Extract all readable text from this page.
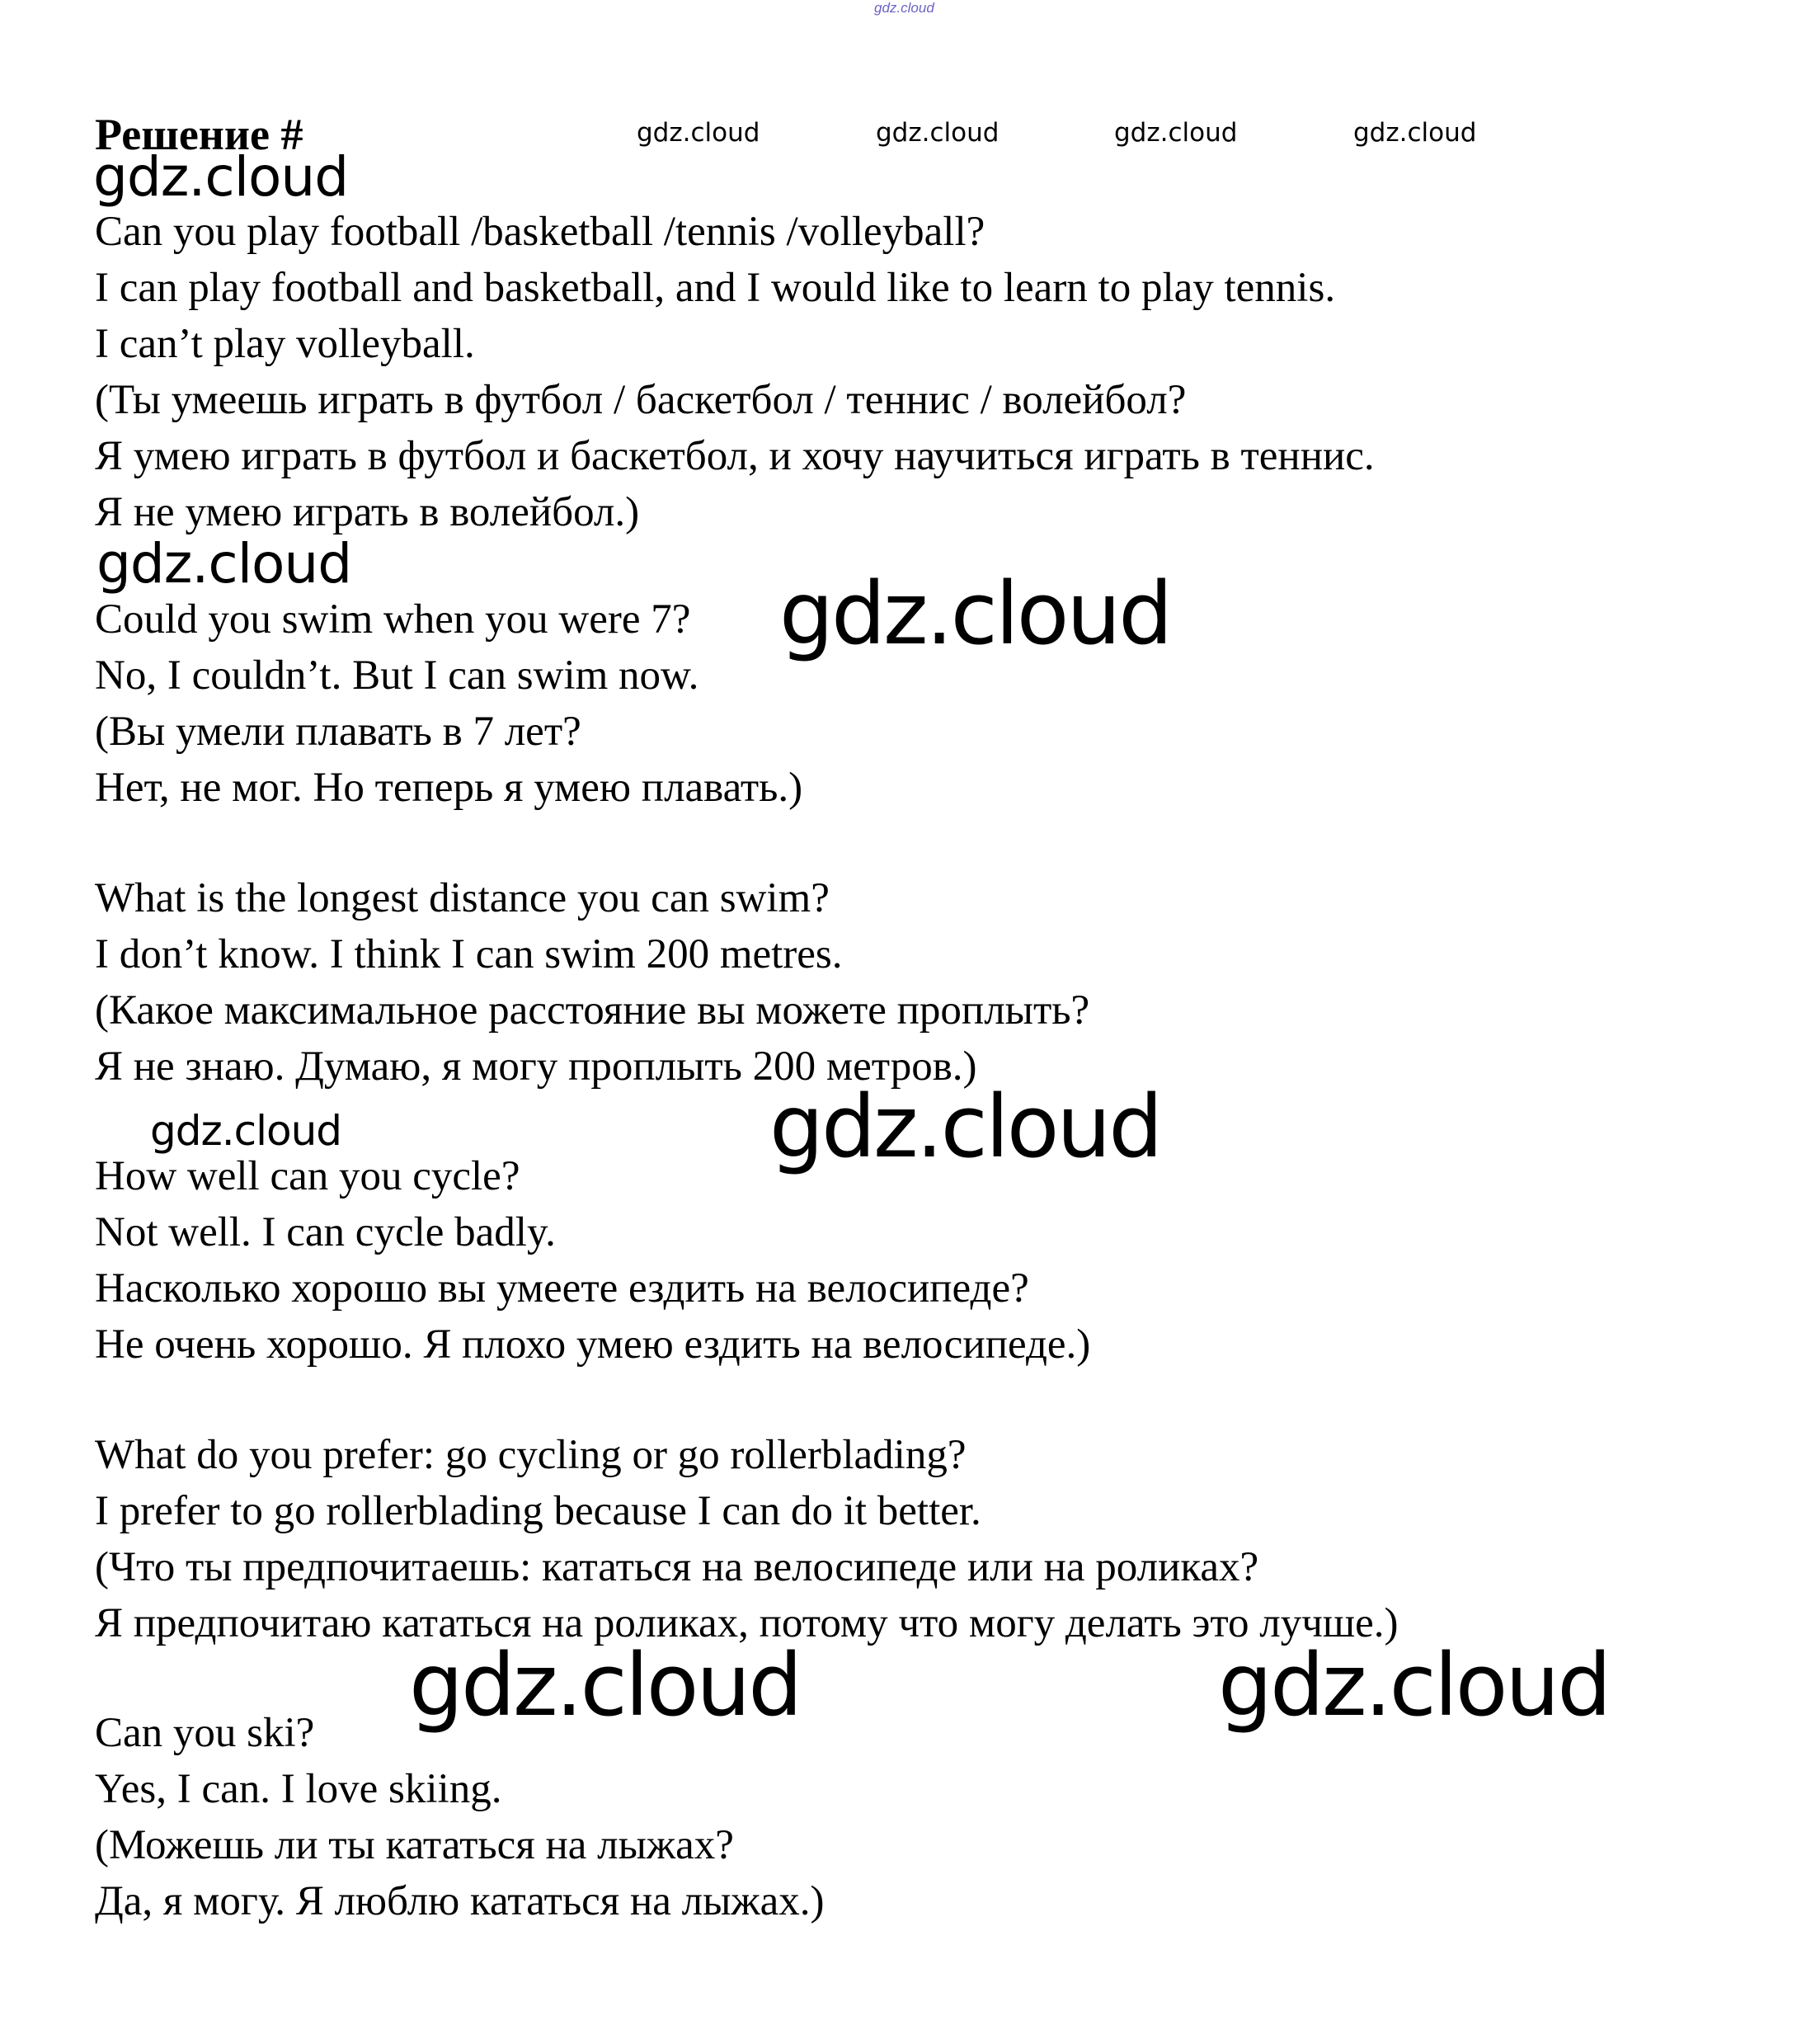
gdz.cloud
Решение #	gdz.cloud	gdz.cloud	gdz.cloud	gdz.cloud
gdz.cloud
gdz.cloud	gdz.cloud
gdz.cloud	gdz.cloud
gdz.cloud	gdz.cloud
Can you play football /basketball /tennis /volleyball?
I can play football and basketball, and I would like to learn to play tennis.
I can’t play volleyball.
(Ты умеешь играть в футбол / баскетбол / теннис / волейбол?
Я умею играть в футбол и баскетбол, и хочу научиться играть в теннис.
Я не умею играть в волейбол.)
Could you swim when you were 7?
No, I couldn’t. But I can swim now.
(Вы умели плавать в 7 лет?
Нет, не мог. Но теперь я умею плавать.)
What is the longest distance you can swim?
I don’t know. I think I can swim 200 metres.
(Какое максимальное расстояние вы можете проплыть?
Я не знаю. Думаю, я могу проплыть 200 метров.)
How well can you cycle?
Not well. I can cycle badly.
Насколько хорошо вы умеете ездить на велосипеде?
Не очень хорошо. Я плохо умею ездить на велосипеде.)
What do you prefer: go cycling or go rollerblading?
I prefer to go rollerblading because I can do it better.
(Что ты предпочитаешь: кататься на велосипеде или на роликах?
Я предпочитаю кататься на роликах, потому что могу делать это лучше.)
Can you ski?
Yes, I can. I love skiing.
(Можешь ли ты кататься на лыжах?
Да, я могу. Я люблю кататься на лыжах.)
